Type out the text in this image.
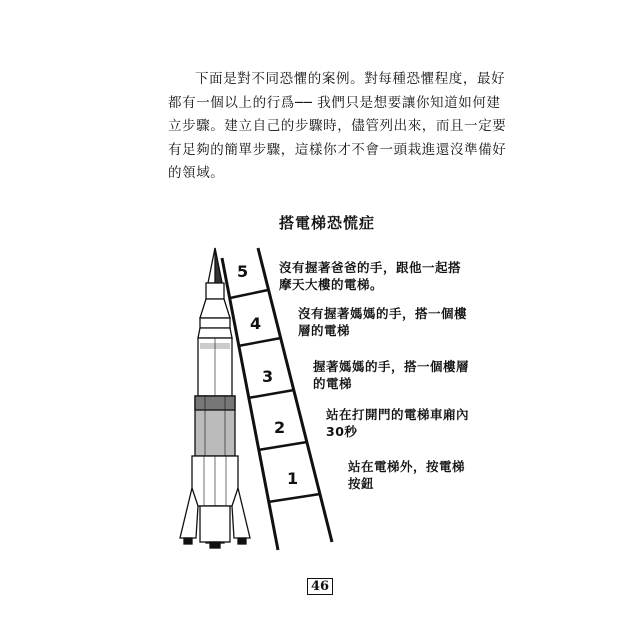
下面是對不同恐懼的案例。對每種恐懼程度，最好
都有一個以上的行爲── 我們只是想要讓你知道如何建
立步驟。建立自己的步驟時，儘管列出來，而且一定要
有足夠的簡單步驟，這樣你才不會一頭栽進還沒準備好
的領域。

搭電梯恐慌症
5
4
3
2
1
沒有握著爸爸的手，跟他一起搭
摩天大樓的電梯。
沒有握著媽媽的手，搭一個樓
層的電梯
握著媽媽的手，搭一個樓層
的電梯
站在打開門的電梯車廂內
30秒
站在電梯外，按電梯
按鈕
46
